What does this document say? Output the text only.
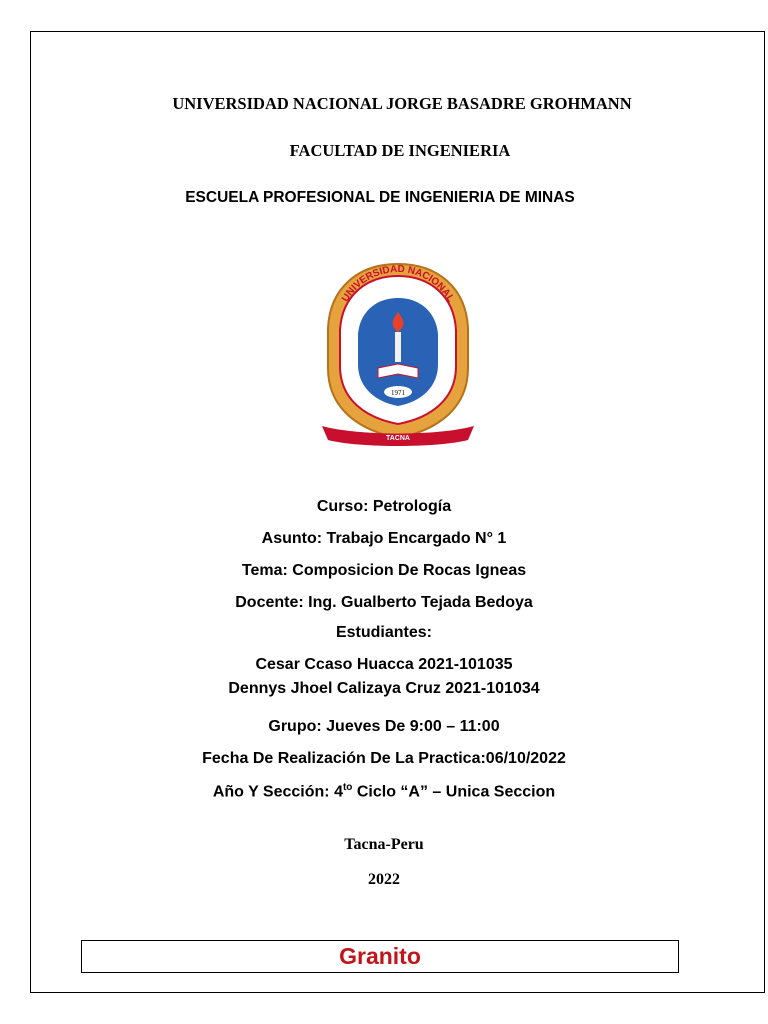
UNIVERSIDAD NACIONAL JORGE BASADRE GROHMANN
FACULTAD DE INGENIERIA
ESCUELA PROFESIONAL DE INGENIERIA DE MINAS
1971
UNIVERSIDAD NACIONAL
TACNA
Curso: Petrología
Asunto: Trabajo Encargado N° 1
Tema: Composicion De Rocas Igneas
Docente: Ing. Gualberto Tejada Bedoya
Estudiantes:
Cesar Ccaso Huacca 2021-101035
Dennys Jhoel Calizaya Cruz 2021-101034
Grupo: Jueves De 9:00 – 11:00
Fecha De Realización De La Practica:06/10/2022
Año Y Sección: $4^{to}$ Ciclo “A” – Unica Seccion
Tacna-Peru
2022
Granito
